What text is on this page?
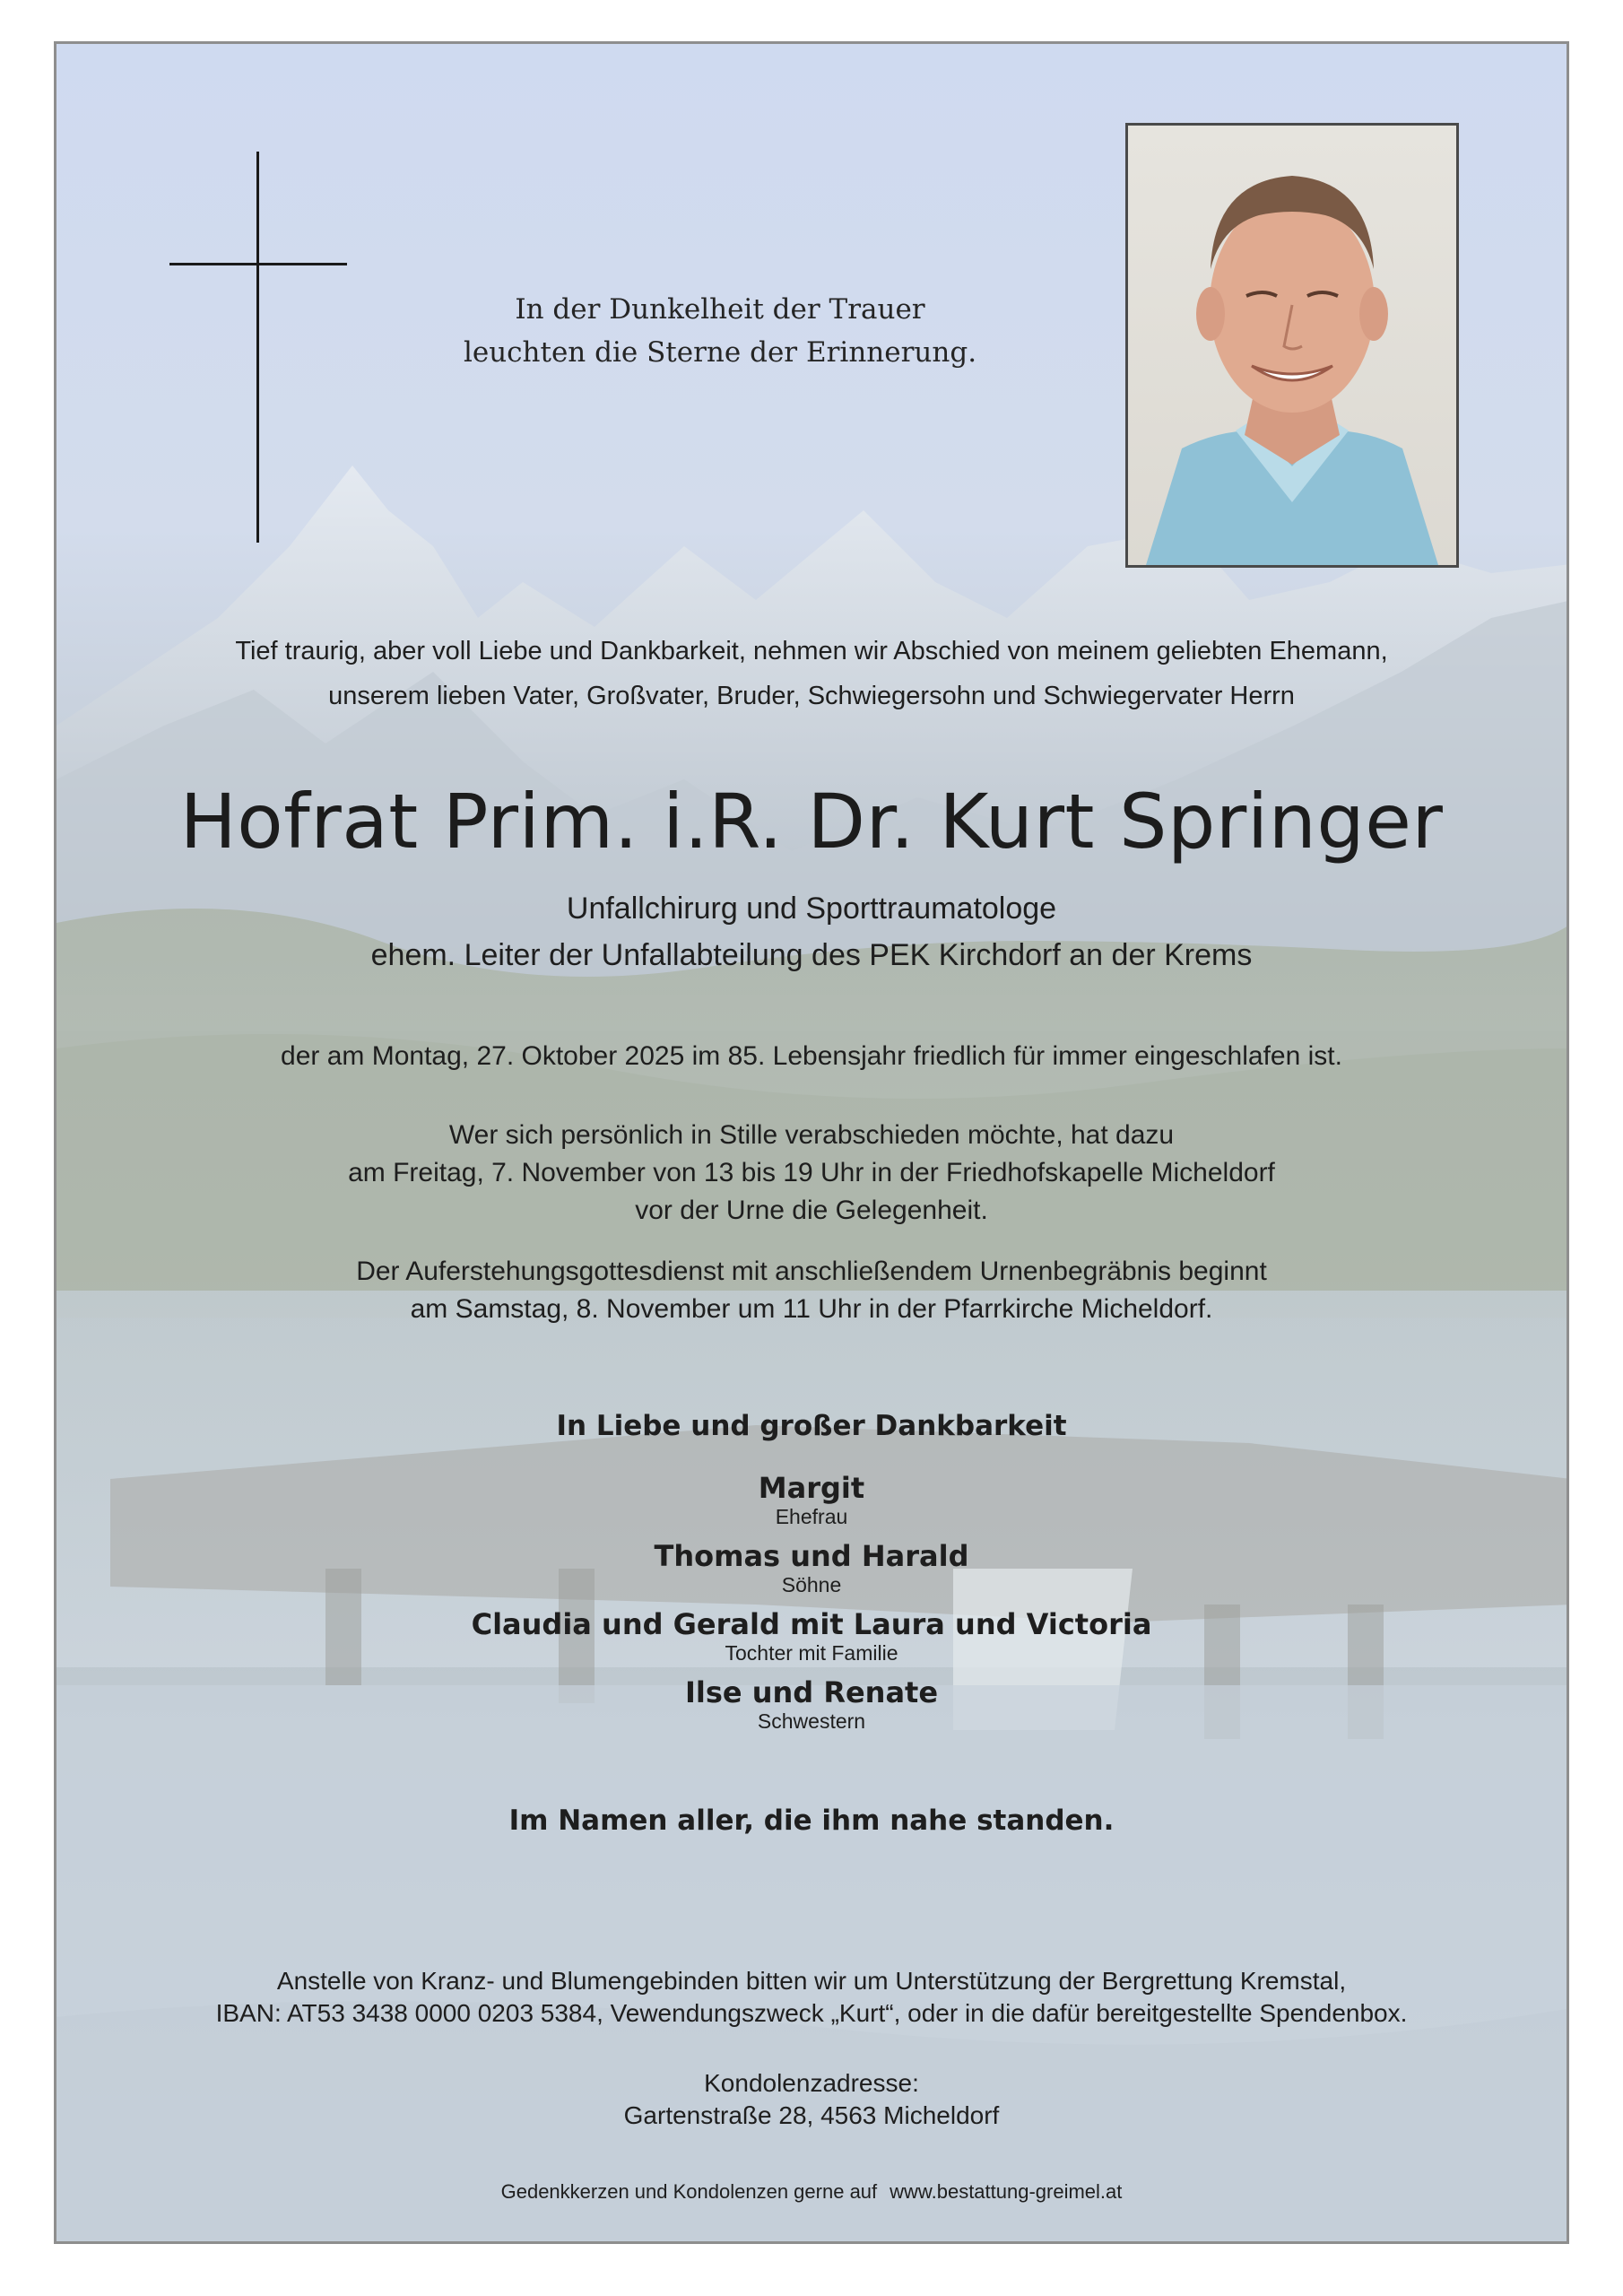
In der Dunkelheit der Trauer
leuchten die Sterne der Erinnerung.
Tief traurig, aber voll Liebe und Dankbarkeit, nehmen wir Abschied von meinem geliebten Ehemann,
unserem lieben Vater, Großvater, Bruder, Schwiegersohn und Schwiegervater Herrn
Hofrat Prim. i.R. Dr. Kurt Springer
Unfallchirurg und Sporttraumatologe
ehem. Leiter der Unfallabteilung des PEK Kirchdorf an der Krems
der am Montag, 27. Oktober 2025 im 85. Lebensjahr friedlich für immer eingeschlafen ist.
Wer sich persönlich in Stille verabschieden möchte, hat dazu
am Freitag, 7. November von 13 bis 19 Uhr in der Friedhofskapelle Micheldorf
vor der Urne die Gelegenheit.
Der Auferstehungsgottesdienst mit anschließendem Urnenbegräbnis beginnt
am Samstag, 8. November um 11 Uhr in der Pfarrkirche Micheldorf.
In Liebe und großer Dankbarkeit
Margit
Ehefrau
Thomas und Harald
Söhne
Claudia und Gerald mit Laura und Victoria
Tochter mit Familie
Ilse und Renate
Schwestern
Im Namen aller, die ihm nahe standen.
Anstelle von Kranz- und Blumengebinden bitten wir um Unterstützung der Bergrettung Kremstal,
IBAN: AT53 3438 0000 0203 5384, Vewendungszweck „Kurt“, oder in die dafür bereitgestellte Spendenbox.
Kondolenzadresse:
Gartenstraße 28, 4563 Micheldorf
Gedenkkerzen und Kondolenzen gerne auf www.bestattung-greimel.at
